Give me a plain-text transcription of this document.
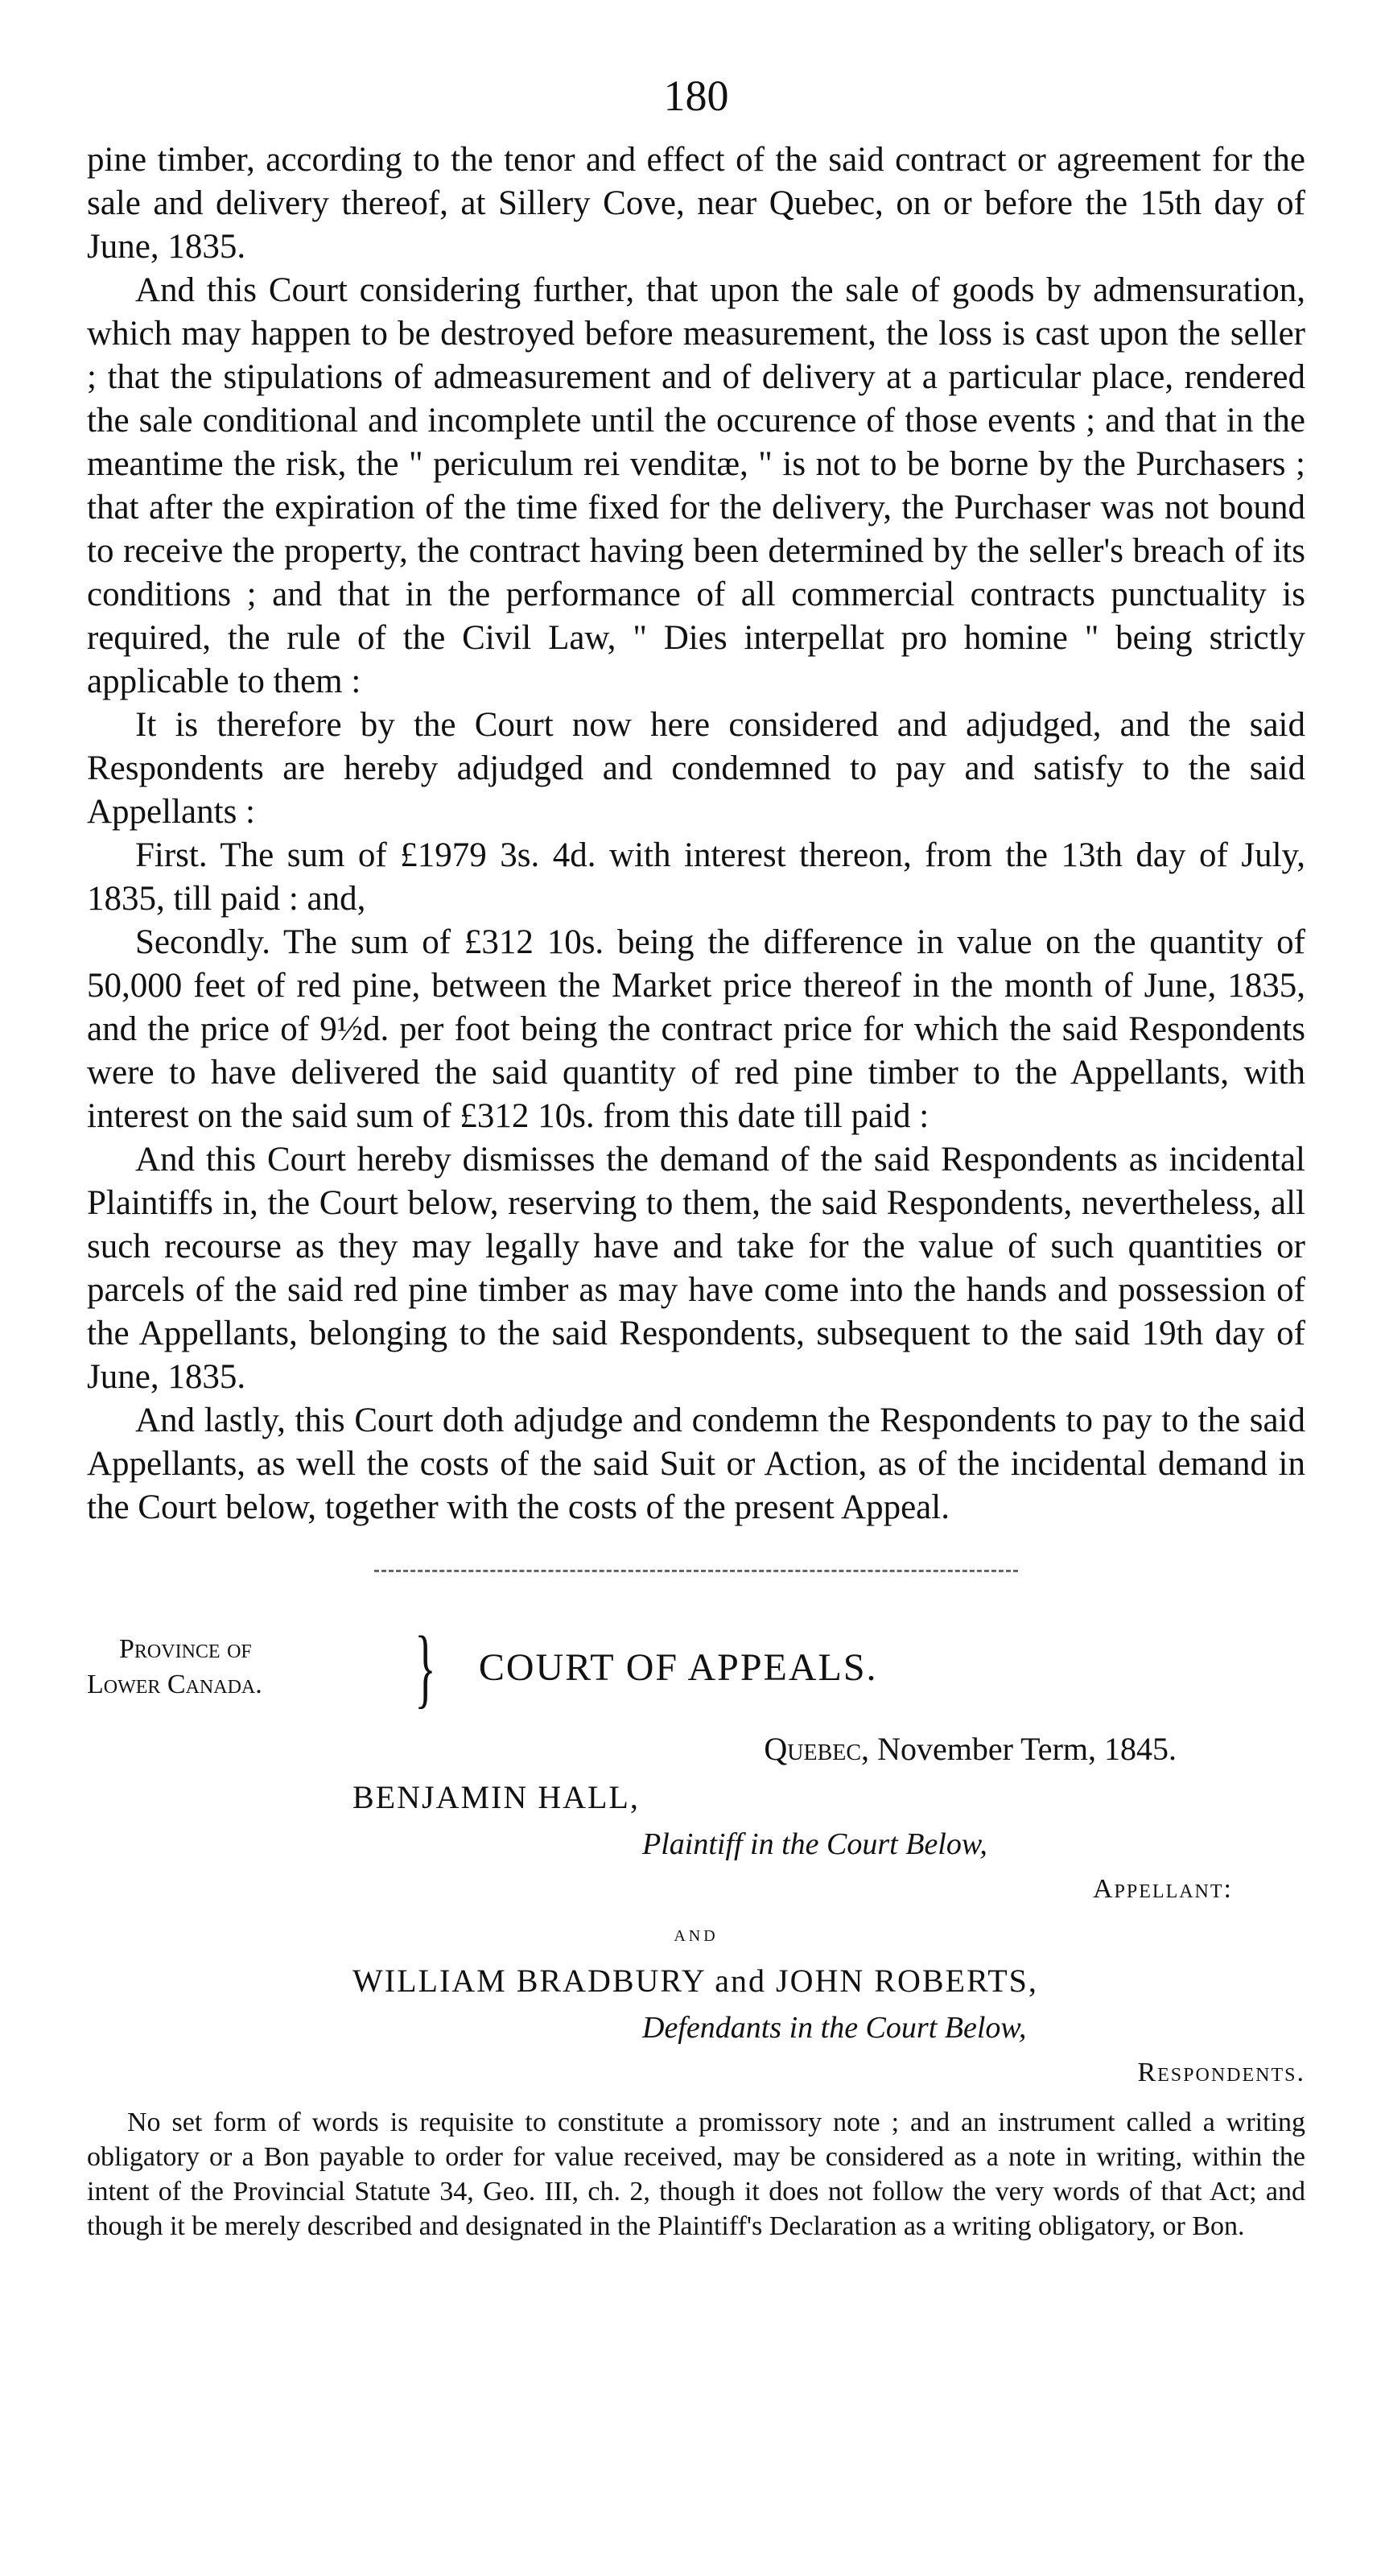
180

pine timber, according to the tenor and effect of the said contract or agreement for the sale and delivery thereof, at Sillery Cove, near Quebec, on or before the 15th day of June, 1835.

And this Court considering further, that upon the sale of goods by admensuration, which may happen to be destroyed before measurement, the loss is cast upon the seller ; that the stipulations of admeasurement and of delivery at a particular place, rendered the sale conditional and incomplete until the occurence of those events ; and that in the meantime the risk, the " periculum rei venditæ, " is not to be borne by the Purchasers ; that after the expiration of the time fixed for the delivery, the Purchaser was not bound to receive the property, the contract having been determined by the seller's breach of its conditions ; and that in the performance of all commercial contracts punctuality is required, the rule of the Civil Law, " Dies interpellat pro homine " being strictly applicable to them :

It is therefore by the Court now here considered and adjudged, and the said Respondents are hereby adjudged and condemned to pay and satisfy to the said Appellants :

First. The sum of £1979 3s. 4d. with interest thereon, from the 13th day of July, 1835, till paid : and,

Secondly. The sum of £312 10s. being the difference in value on the quantity of 50,000 feet of red pine, between the Market price thereof in the month of June, 1835, and the price of 9½d. per foot being the contract price for which the said Respondents were to have delivered the said quantity of red pine timber to the Appellants, with interest on the said sum of £312 10s. from this date till paid :

And this Court hereby dismisses the demand of the said Respondents as incidental Plaintiffs in, the Court below, reserving to them, the said Respondents, nevertheless, all such recourse as they may legally have and take for the value of such quantities or parcels of the said red pine timber as may have come into the hands and possession of the Appellants, belonging to the said Respondents, subsequent to the said 19th day of June, 1835.

And lastly, this Court doth adjudge and condemn the Respondents to pay to the said Appellants, as well the costs of the said Suit or Action, as of the incidental demand in the Court below, together with the costs of the present Appeal.

Province of
Lower Canada.	} COURT OF APPEALS.
Quebec, November Term, 1845.
BENJAMIN HALL,
Plaintiff in the Court Below,
Appellant:
and
WILLIAM BRADBURY and JOHN ROBERTS,
Defendants in the Court Below,
Respondents.
No set form of words is requisite to constitute a promissory note ; and an instrument called a writing obligatory or a Bon payable to order for value received, may be considered as a note in writing, within the intent of the Provincial Statute 34, Geo. III, ch. 2, though it does not follow the very words of that Act; and though it be merely described and designated in the Plaintiff's Declaration as a writing obligatory, or Bon.
